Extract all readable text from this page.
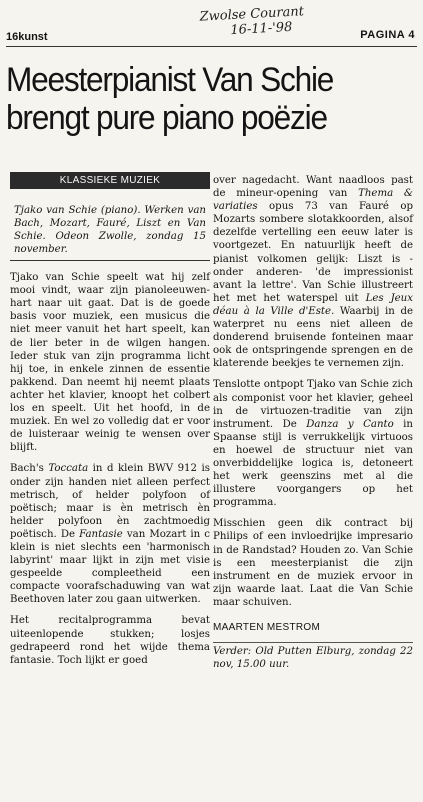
Zwolse Courant
16-11-'98
16kunst	PAGINA 4
Meesterpianist Van Schie
brengt pure piano poëzie
KLASSIEKE MUZIEK
Tjako van Schie (piano). Werken van Bach, Mozart, Fauré, Liszt en Van Schie. Odeon Zwolle, zondag 15 november.

Tjako van Schie speelt wat hij zelf mooi vindt, waar zijn pianoleeuwen-hart naar uit gaat. Dat is de goede basis voor muziek, een musicus die niet meer vanuit het hart speelt, kan de lier beter in de wilgen hangen. Ieder stuk van zijn programma licht hij toe, in enkele zinnen de essentie pakkend. Dan neemt hij neemt plaats achter het klavier, knoopt het colbert los en speelt. Uit het hoofd, in de muziek. En wel zo volledig dat er voor de luisteraar weinig te wensen over blijft.

Bach's Toccata in d klein BWV 912 is onder zijn handen niet alleen perfect metrisch, of helder polyfoon of poëtisch; maar is èn metrisch èn helder polyfoon èn zachtmoedig poëtisch. De Fantasie van Mozart in c klein is niet slechts een 'harmonisch labyrint' maar lijkt in zijn met visie gespeelde compleetheid een compacte voorafschaduwing van wat Beethoven later zou gaan uitwerken.

Het recitalprogramma bevat uiteenlopende stukken; losjes gedrapeerd rond het wijde thema fantasie. Toch lijkt er goed

over nagedacht. Want naadloos past de mineur-opening van Thema & variaties opus 73 van Fauré op Mozarts sombere slotakkoorden, alsof dezelfde vertelling een eeuw later is voortgezet. En natuurlijk heeft de pianist volkomen gelijk: Liszt is - onder anderen- 'de impressionist avant la lettre'. Van Schie illustreert het met het waterspel uit Les Jeux déau à la Ville d'Este. Waarbij in de waterpret nu eens niet alleen de donderend bruisende fonteinen maar ook de ontspringende sprengen en de klaterende beekjes te vernemen zijn.

Tenslotte ontpopt Tjako van Schie zich als componist voor het klavier, geheel in de virtuozen-traditie van zijn instrument. De Danza y Canto in Spaanse stijl is verrukkelijk virtuoos en hoewel de structuur niet van onverbiddelijke logica is, detoneert het werk geenszins met al die illustere voorgangers op het programma.

Misschien geen dik contract bij Philips of een invloedrijke impresario in de Randstad? Houden zo. Van Schie is een meesterpianist die zijn instrument en de muziek ervoor in zijn waarde laat. Laat die Van Schie maar schuiven.

MAARTEN MESTROM
Verder: Old Putten Elburg, zondag 22 nov, 15.00 uur.
